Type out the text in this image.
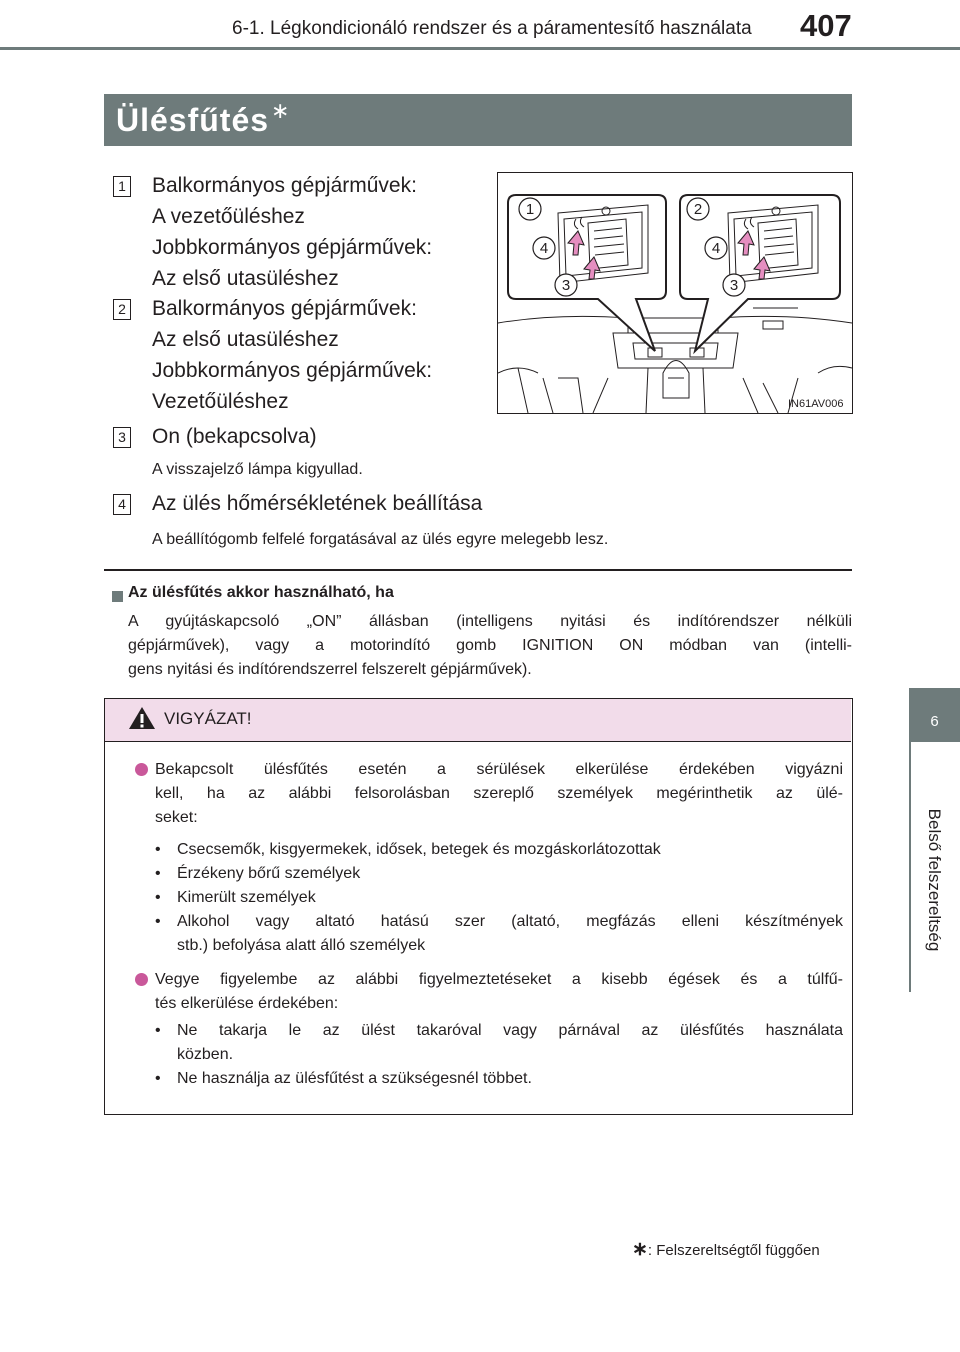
6-1. Légkondicionáló rendszer és a páramentesítő használata 407
6
Belső felszereltség
Ülésfűtés∗
1 Balkormányos gépjárművek:
A vezetőüléshez
Jobbkormányos gépjárművek:
Az első utasüléshez
2 Balkormányos gépjárművek:
Az első utasüléshez
Jobbkormányos gépjárművek:
Vezetőüléshez
3 On (bekapcsolva)
A visszajelző lámpa kigyullad.
4 Az ülés hőmérsékletének beállítása
A beállítógomb felfelé forgatásával az ülés egyre melegebb lesz.
1
4
3
2
4
3
IN61AV006
Az ülésfűtés akkor használható, ha
A gyújtáskapcsoló „ON” állásban (intelligens nyitási és indítórendszer nélküli
gépjárművek), vagy a motorindító gomb IGNITION ON módban van (intelli-
gens nyitási és indítórendszerrel felszerelt gépjárművek).
VIGYÁZAT!
Bekapcsolt ülésfűtés esetén a sérülések elkerülése érdekében vigyázni
kell, ha az alábbi felsorolásban szereplő személyek megérinthetik az ülé-
seket:
• Csecsemők, kisgyermekek, idősek, betegek és mozgáskorlátozottak
• Érzékeny bőrű személyek
• Kimerült személyek
•	Alkohol vagy altató hatású szer (altató, megfázás elleni készítmények
stb.) befolyása alatt álló személyek
Vegye figyelembe az alábbi figyelmeztetéseket a kisebb égések és a túlfű-
tés elkerülése érdekében:
•	Ne takarja le az ülést takaróval vagy párnával az ülésfűtés használata
közben.
• Ne használja az ülésfűtést a szükségesnél többet.
∗: Felszereltségtől függően
